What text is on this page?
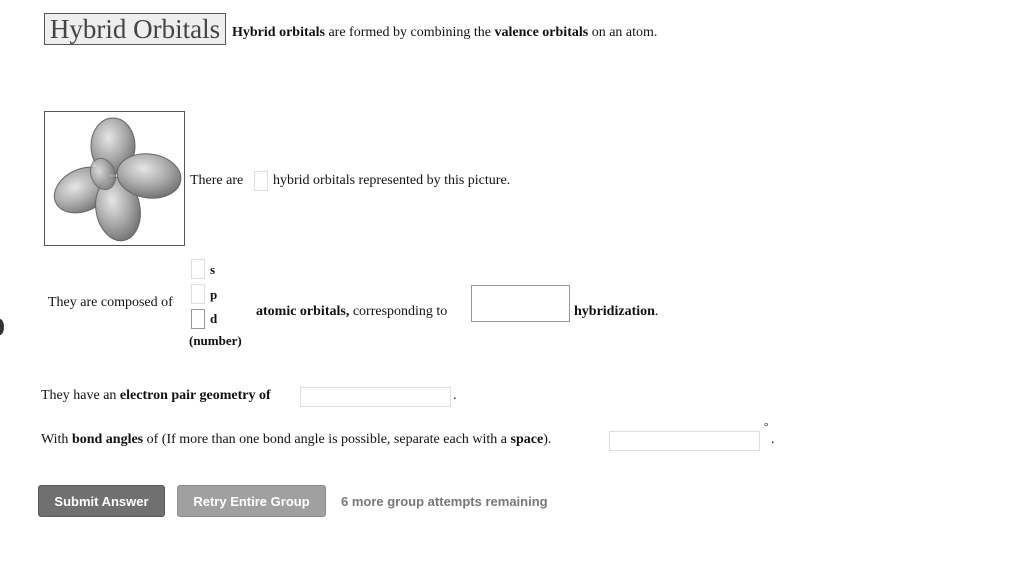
Hybrid Orbitals Hybrid orbitals are formed by combining the valence orbitals on an atom.
There are hybrid orbitals represented by this picture.
They are composed of
s
p
d
(number)
atomic orbitals, corresponding to	hybridization.
They have an electron pair geometry of	.
With bond angles of (If more than one bond angle is possible, separate each with a space).
°
.
Submit Answer	Retry Entire Group	6 more group attempts remaining
